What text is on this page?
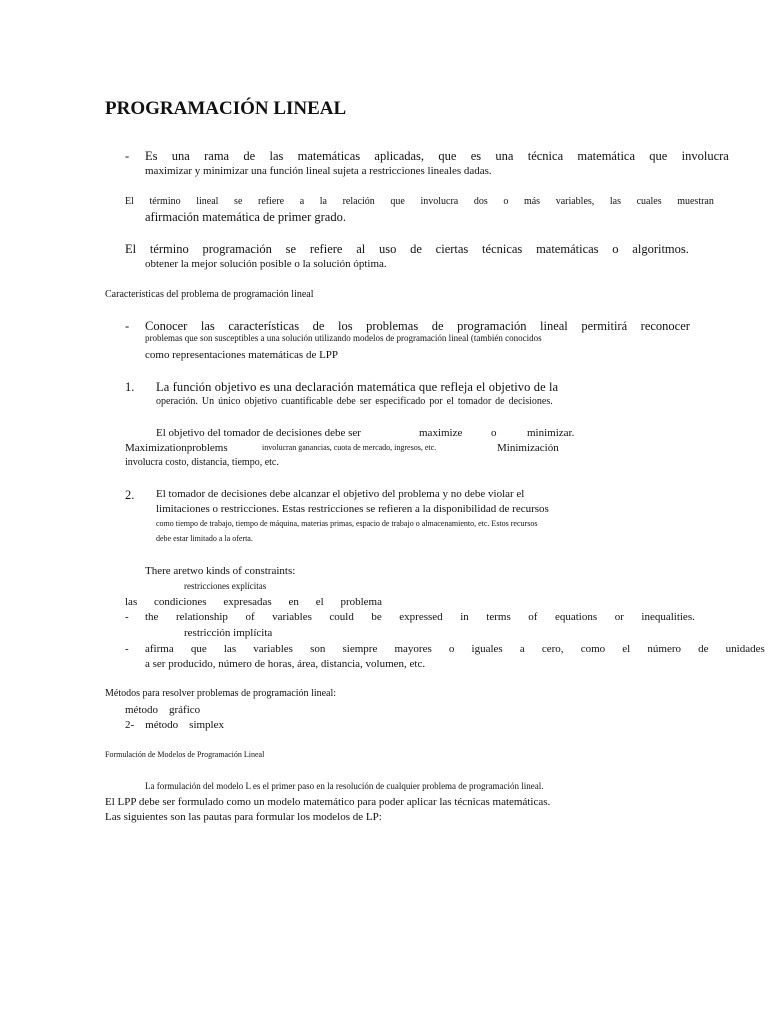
PROGRAMACIÓN LINEAL
- Es una rama de las matemáticas aplicadas, que es una técnica matemática que involucra
maximizar y minimizar una función lineal sujeta a restricciones lineales dadas.
El término lineal se refiere a la relación que involucra dos o más variables, las cuales muestran
afirmación matemática de primer grado.
El término programación se refiere al uso de ciertas técnicas matemáticas o algoritmos.
obtener la mejor solución posible o la solución óptima.
Características del problema de programación lineal
- Conocer las características de los problemas de programación lineal permitirá reconocer
problemas que son susceptibles a una solución utilizando modelos de programación lineal (también conocidos
como representaciones matemáticas de LPP
1. La función objetivo es una declaración matemática que refleja el objetivo de la
operación. Un único objetivo cuantificable debe ser especificado por el tomador de decisiones.
El objetivo del tomador de decisiones debe ser	maximize	o	minimizar.
Maximizationproblems	involucran ganancias, cuota de mercado, ingresos, etc.	Minimización
involucra costo, distancia, tiempo, etc.
2. El tomador de decisiones debe alcanzar el objetivo del problema y no debe violar el
limitaciones o restricciones. Estas restricciones se refieren a la disponibilidad de recursos
como tiempo de trabajo, tiempo de máquina, materias primas, espacio de trabajo o almacenamiento, etc. Estos recursos
debe estar limitado a la oferta.
There aretwo kinds of constraints:
restricciones explícitas
las condiciones expresadas en el problema
- the relationship of variables could be expressed in terms of equations or inequalities.
restricción implícita
- afirma que las variables son siempre mayores o iguales a cero, como el número de unidades
a ser producido, número de horas, área, distancia, volumen, etc.
Métodos para resolver problemas de programación lineal:
método    gráfico
2-    método    simplex
Formulación de Modelos de Programación Lineal
La formulación del modelo L es el primer paso en la resolución de cualquier problema de programación lineal.
El LPP debe ser formulado como un modelo matemático para poder aplicar las técnicas matemáticas.
Las siguientes son las pautas para formular los modelos de LP:
